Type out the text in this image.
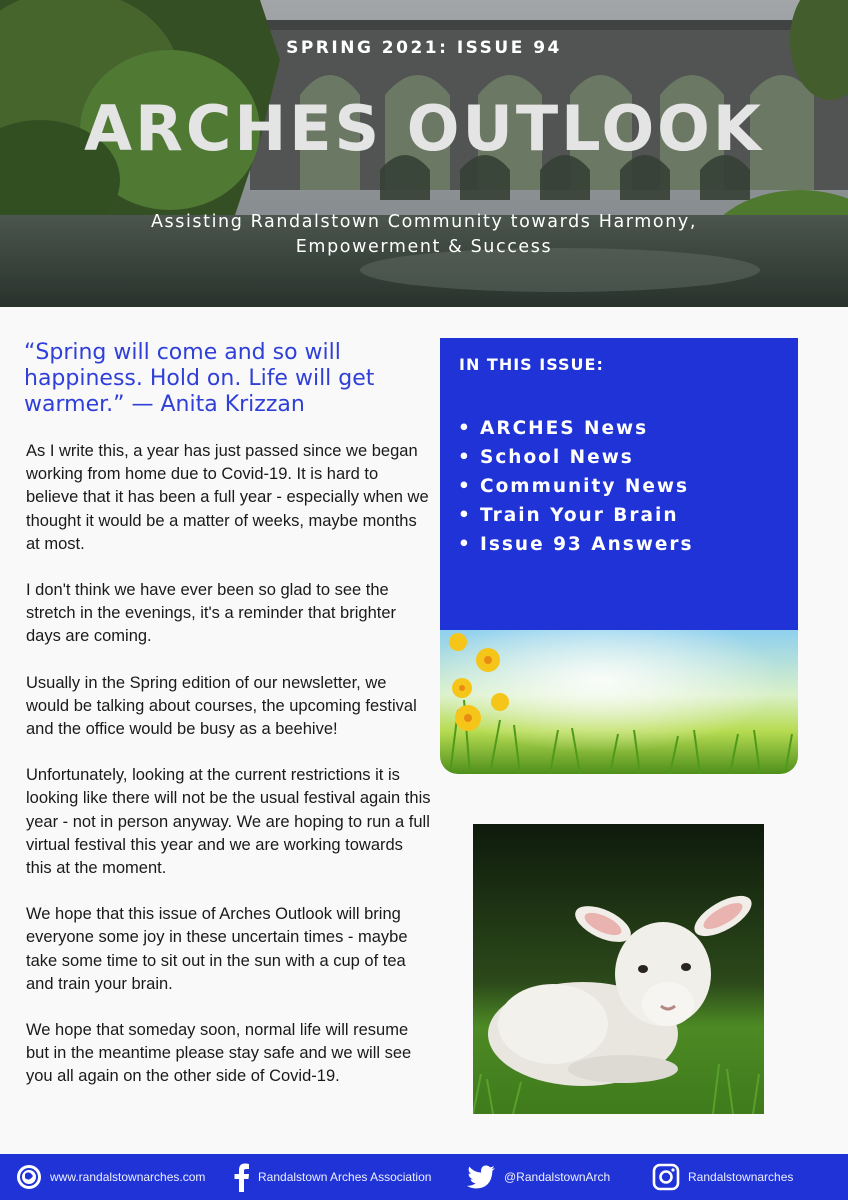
SPRING 2021: ISSUE 94
ARCHES OUTLOOK
Assisting Randalstown Community towards Harmony,
Empowerment & Success
“Spring will come and so will happiness. Hold on. Life will get warmer.” — Anita Krizzan

As I write this, a year has just passed since we began working from home due to Covid-19. It is hard to believe that it has been a full year - especially when we thought it would be a matter of weeks, maybe months at most.

I don't think we have ever been so glad to see the stretch in the evenings, it's a reminder that brighter days are coming.

Usually in the Spring edition of our newsletter, we would be talking about courses, the upcoming festival and the office would be busy as a beehive!

Unfortunately, looking at the current restrictions it is looking like there will not be the usual festival again this year - not in person anyway. We are hoping to run a full virtual festival this year and we are working towards this at the moment.

We hope that this issue of Arches Outlook will bring everyone some joy in these uncertain times - maybe take some time to sit out in the sun with a cup of tea and train your brain.

We hope that someday soon, normal life will resume but in the meantime please stay safe and we will see you all again on the other side of Covid-19.

IN THIS ISSUE:
• ARCHES News
• School News
• Community News
• Train Your Brain
• Issue 93 Answers
www.randalstownarches.com	Randalstown Arches Association	@RandalstownArch	Randalstownarches
